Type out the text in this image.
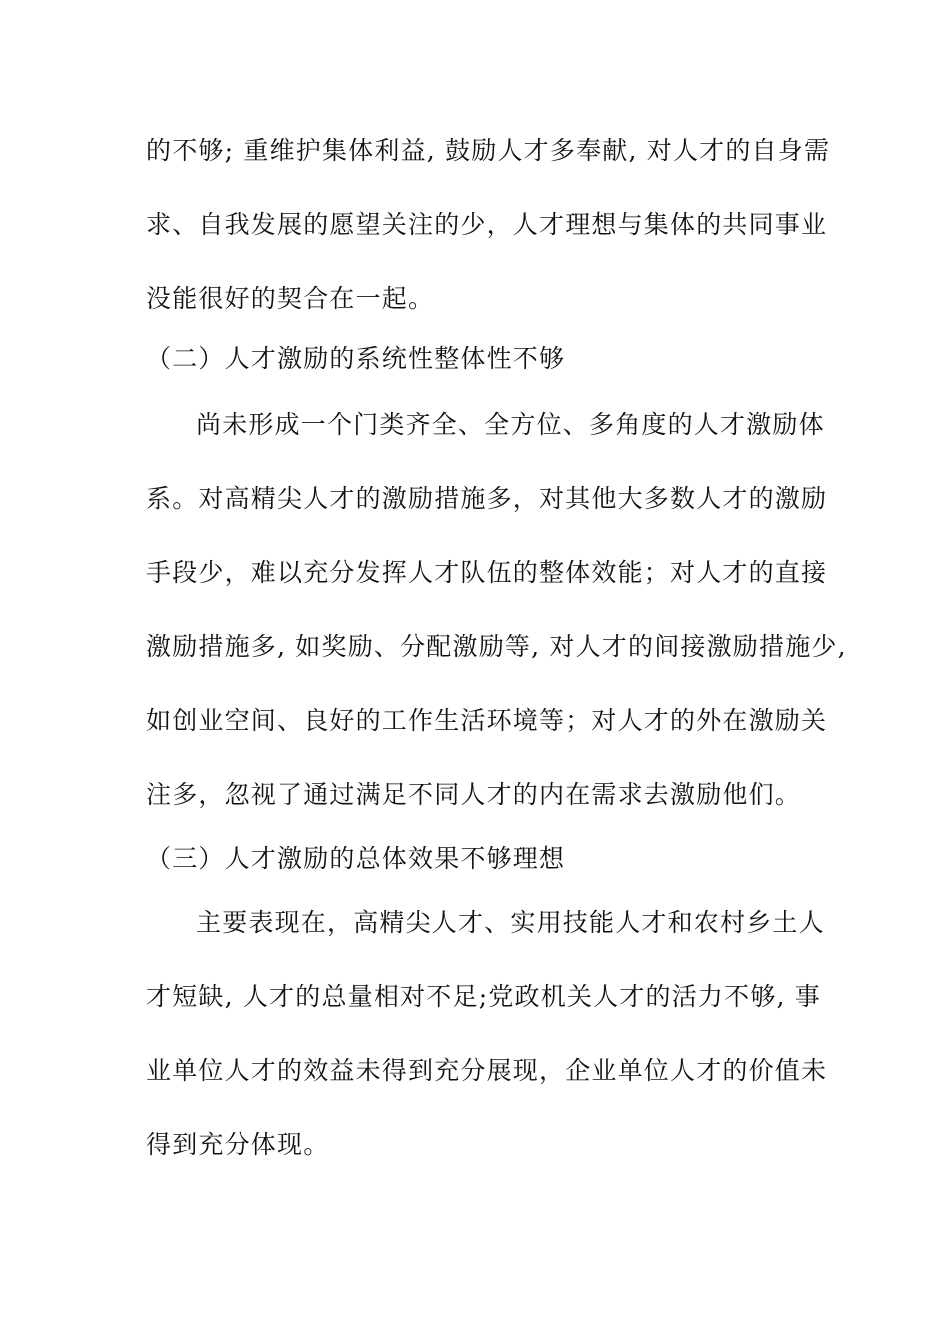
的不够; 重维护集体利益, 鼓励人才多奉献, 对人才的自身需
求、自我发展的愿望关注的少，人才理想与集体的共同事业
没能很好的契合在一起。
（二）人才激励的系统性整体性不够
尚未形成一个门类齐全、全方位、多角度的人才激励体
系。对高精尖人才的激励措施多，对其他大多数人才的激励
手段少，难以充分发挥人才队伍的整体效能；对人才的直接
激励措施多, 如奖励、分配激励等, 对人才的间接激励措施少,
如创业空间、良好的工作生活环境等；对人才的外在激励关
注多，忽视了通过满足不同人才的内在需求去激励他们。
（三）人才激励的总体效果不够理想
主要表现在，高精尖人才、实用技能人才和农村乡土人
才短缺, 人才的总量相对不足;党政机关人才的活力不够, 事
业单位人才的效益未得到充分展现，企业单位人才的价值未
得到充分体现。
